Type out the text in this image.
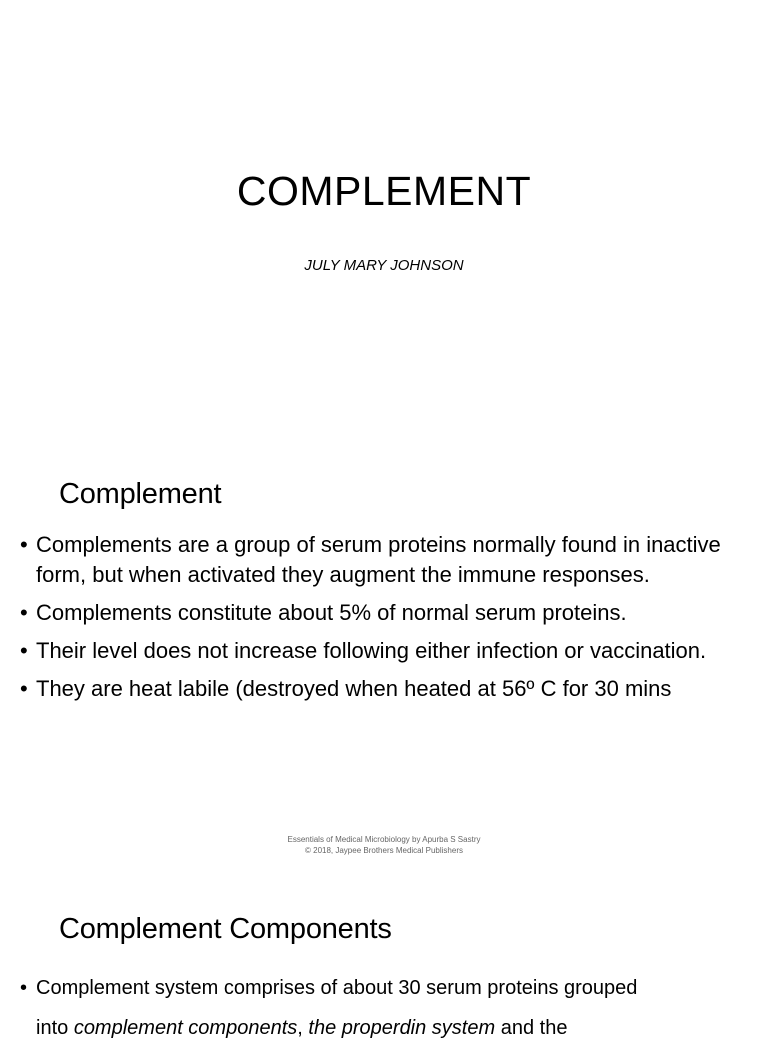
COMPLEMENT

JULY MARY JOHNSON

Complement
• Complements are a group of serum proteins normally found in inactive form, but when activated they augment the immune responses.
• Complements constitute about 5% of normal serum proteins.
• Their level does not increase following either infection or vaccination.
• They are heat labile (destroyed when heated at 56º C for 30 mins
Essentials of Medical Microbiology by Apurba S Sastry
© 2018, Jaypee Brothers Medical Publishers
Complement Components
• Complement system comprises of about 30 serum proteins grouped
into complement components, the properdin system and the
